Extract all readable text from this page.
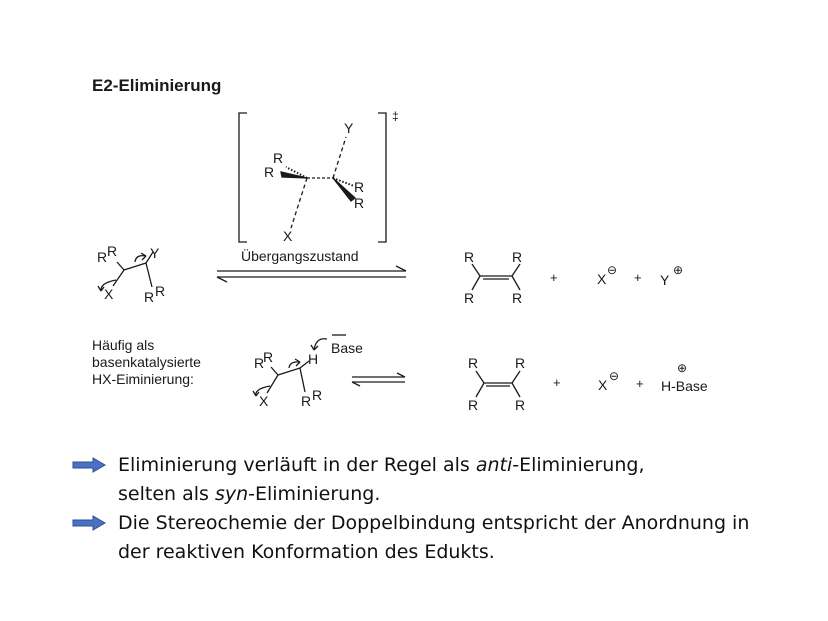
E2-Eliminierung
‡
Y
R
R
R
R
X
R R Y
X R R
Übergangszustand	R	R
R	R
+	X
⊖ + Y
⊕
Häufig als
basenkatalysierte
HX-Eiminierung:
R
R H
X R R
Base
R	R
R	R
+	X
⊖ +
⊕
H-Base
Eliminierung verläuft in der Regel als anti-Eliminierung,
selten als syn-Eliminierung.
Die Stereochemie der Doppelbindung entspricht der Anordnung in
der reaktiven Konformation des Edukts.
